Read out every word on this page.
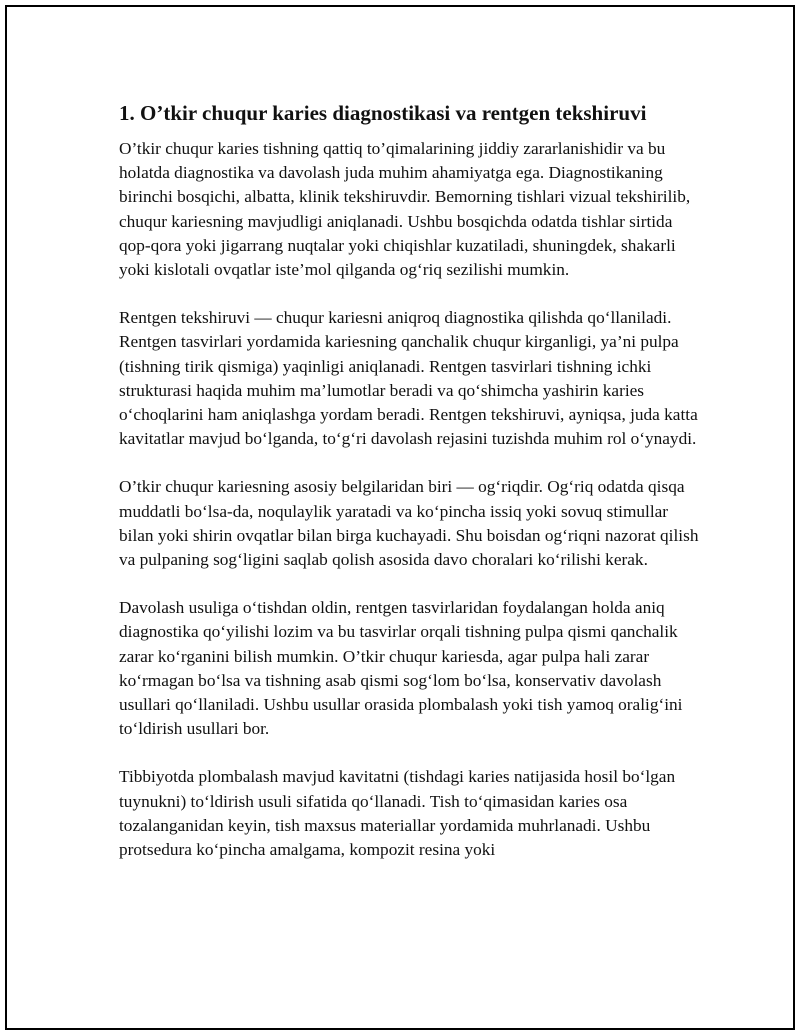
1. O’tkir chuqur karies diagnostikasi va rentgen tekshiruvi

O’tkir chuqur karies tishning qattiq to’qimalarining jiddiy zararlanishidir va bu holatda diagnostika va davolash juda muhim ahamiyatga ega. Diagnostikaning birinchi bosqichi, albatta, klinik tekshiruvdir. Bemorning tishlari vizual tekshirilib, chuqur kariesning mavjudligi aniqlanadi. Ushbu bosqichda odatda tishlar sirtida qop-qora yoki jigarrang nuqtalar yoki chiqishlar kuzatiladi, shuningdek, shakarli yoki kislotali ovqatlar iste’mol qilganda og‘riq sezilishi mumkin.

Rentgen tekshiruvi — chuqur kariesni aniqroq diagnostika qilishda qo‘llaniladi. Rentgen tasvirlari yordamida kariesning qanchalik chuqur kirganligi, ya’ni pulpa (tishning tirik qismiga) yaqinligi aniqlanadi. Rentgen tasvirlari tishning ichki strukturasi haqida muhim ma’lumotlar beradi va qo‘shimcha yashirin karies o‘choqlarini ham aniqlashga yordam beradi. Rentgen tekshiruvi, ayniqsa, juda katta kavitatlar mavjud bo‘lganda, to‘g‘ri davolash rejasini tuzishda muhim rol o‘ynaydi.

O’tkir chuqur kariesning asosiy belgilaridan biri — og‘riqdir. Og‘riq odatda qisqa muddatli bo‘lsa-da, noqulaylik yaratadi va ko‘pincha issiq yoki sovuq stimullar bilan yoki shirin ovqatlar bilan birga kuchayadi. Shu boisdan og‘riqni nazorat qilish va pulpaning sog‘ligini saqlab qolish asosida davo choralari ko‘rilishi kerak.

Davolash usuliga o‘tishdan oldin, rentgen tasvirlaridan foydalangan holda aniq diagnostika qo‘yilishi lozim va bu tasvirlar orqali tishning pulpa qismi qanchalik zarar ko‘rganini bilish mumkin. O’tkir chuqur kariesda, agar pulpa hali zarar ko‘rmagan bo‘lsa va tishning asab qismi sog‘lom bo‘lsa, konservativ davolash usullari qo‘llaniladi. Ushbu usullar orasida plombalash yoki tish yamoq oralig‘ini to‘ldirish usullari bor.

Tibbiyotda plombalash mavjud kavitatni (tishdagi karies natijasida hosil bo‘lgan tuynukni) to‘ldirish usuli sifatida qo‘llanadi. Tish to‘qimasidan karies osa tozalanganidan keyin, tish maxsus materiallar yordamida muhrlanadi. Ushbu protsedura ko‘pincha amalgama, kompozit resina yoki
